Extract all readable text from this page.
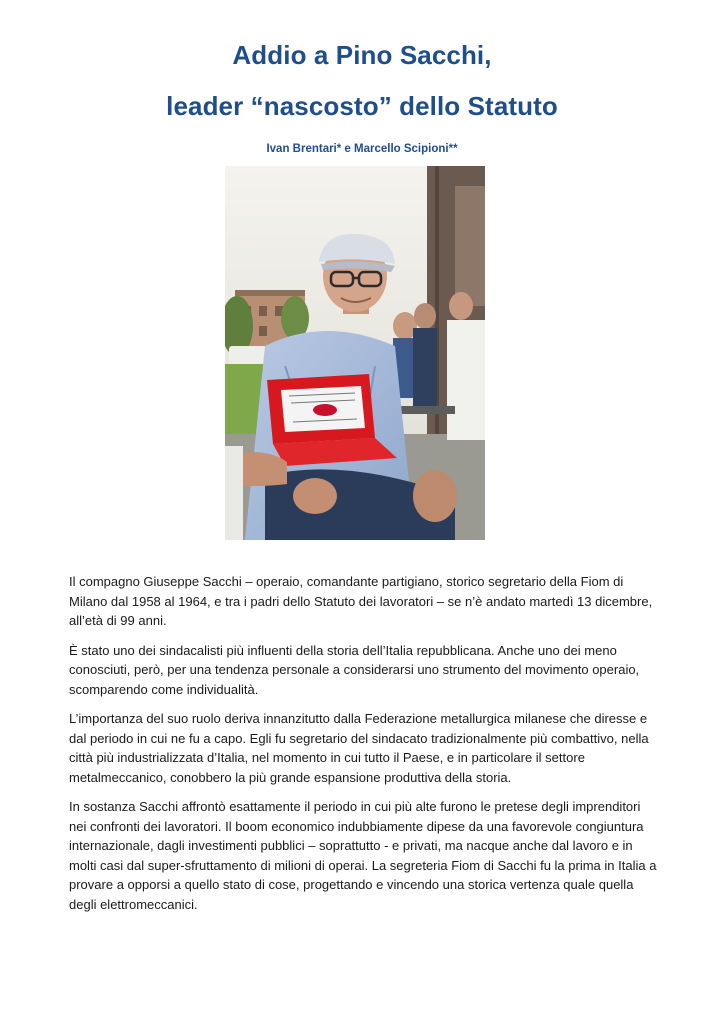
Addio a Pino Sacchi,
leader “nascosto” dello Statuto

Ivan Brentari* e Marcello Scipioni**

Il compagno Giuseppe Sacchi – operaio, comandante partigiano, storico segretario della Fiom di Milano dal 1958 al 1964, e tra i padri dello Statuto dei lavoratori – se n’è andato martedì 13 dicembre, all’età di 99 anni.

È stato uno dei sindacalisti più influenti della storia dell’Italia repubblicana. Anche uno dei meno conosciuti, però, per una tendenza personale a considerarsi uno strumento del movimento operaio, scomparendo come individualità.

L’importanza del suo ruolo deriva innanzitutto dalla Federazione metallurgica milanese che diresse e dal periodo in cui ne fu a capo. Egli fu segretario del sindacato tradizionalmente più combattivo, nella città più industrializzata d’Italia, nel momento in cui tutto il Paese, e in particolare il settore metalmeccanico, conobbero la più grande espansione produttiva della storia.

In sostanza Sacchi affrontò esattamente il periodo in cui più alte furono le pretese degli imprenditori nei confronti dei lavoratori. Il boom economico indubbiamente dipese da una favorevole congiuntura internazionale, dagli investimenti pubblici – soprattutto - e privati, ma nacque anche dal lavoro e in molti casi dal super-sfruttamento di milioni di operai. La segreteria Fiom di Sacchi fu la prima in Italia a provare a opporsi a quello stato di cose, progettando e vincendo una storica vertenza quale quella degli elettromeccanici.
